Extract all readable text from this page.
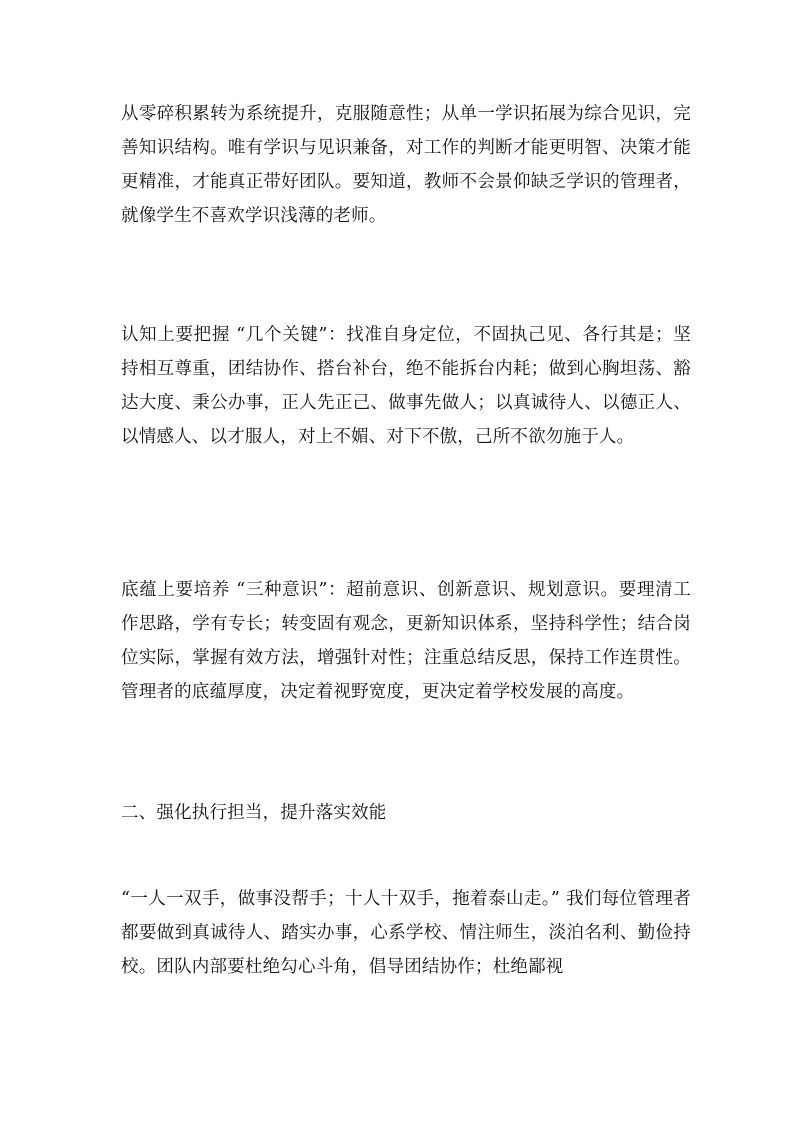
从零碎积累转为系统提升，克服随意性；从单一学识拓展为综合见识，完善知识结构。唯有学识与见识兼备，对工作的判断才能更明智、决策才能更精准，才能真正带好团队。要知道，教师不会景仰缺乏学识的管理者，就像学生不喜欢学识浅薄的老师。

认知上要把握 “几个关键”：找准自身定位，不固执己见、各行其是；坚持相互尊重，团结协作、搭台补台，绝不能拆台内耗；做到心胸坦荡、豁达大度、秉公办事，正人先正己、做事先做人；以真诚待人、以德正人、以情感人、以才服人，对上不媚、对下不傲，己所不欲勿施于人。

底蕴上要培养 “三种意识”：超前意识、创新意识、规划意识。要理清工作思路，学有专长；转变固有观念，更新知识体系，坚持科学性；结合岗位实际，掌握有效方法，增强针对性；注重总结反思，保持工作连贯性。管理者的底蕴厚度，决定着视野宽度，更决定着学校发展的高度。

二、强化执行担当，提升落实效能

“一人一双手，做事没帮手；十人十双手，拖着泰山走。” 我们每位管理者都要做到真诚待人、踏实办事，心系学校、情注师生，淡泊名利、勤俭持校。团队内部要杜绝勾心斗角，倡导团结协作；杜绝鄙视
